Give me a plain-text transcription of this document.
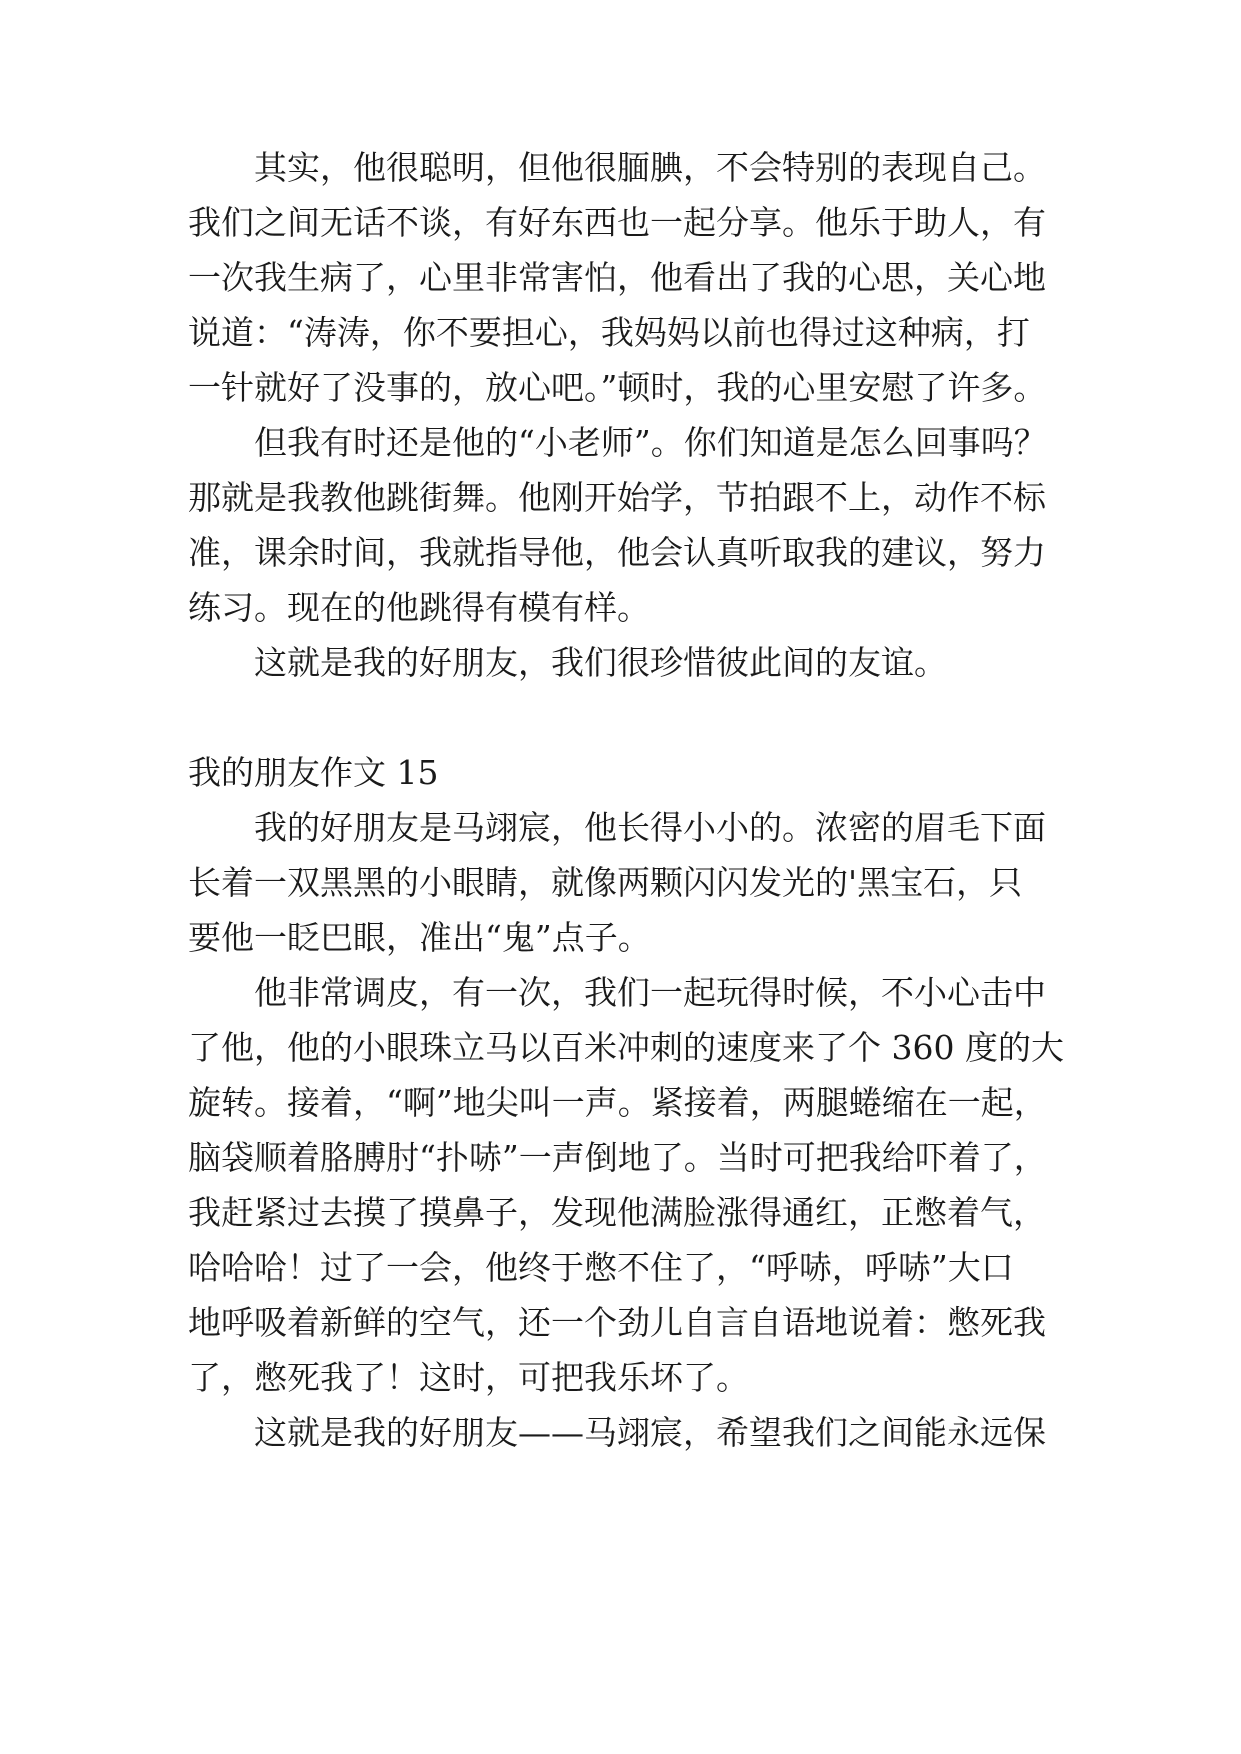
　　其实，他很聪明，但他很腼腆，不会特别的表现自己。
我们之间无话不谈，有好东西也一起分享。他乐于助人，有
一次我生病了，心里非常害怕，他看出了我的心思，关心地
说道：“涛涛，你不要担心，我妈妈以前也得过这种病，打
一针就好了没事的，放心吧。”顿时，我的心里安慰了许多。
　　但我有时还是他的“小老师”。你们知道是怎么回事吗？
那就是我教他跳街舞。他刚开始学，节拍跟不上，动作不标
准，课余时间，我就指导他，他会认真听取我的建议，努力
练习。现在的他跳得有模有样。
　　这就是我的好朋友，我们很珍惜彼此间的友谊。
我的朋友作文 15
　　我的好朋友是马翊宸，他长得小小的。浓密的眉毛下面
长着一双黑黑的小眼睛，就像两颗闪闪发光的'黑宝石，只
要他一眨巴眼，准出“鬼”点子。
　　他非常调皮，有一次，我们一起玩得时候，不小心击中
了他，他的小眼珠立马以百米冲刺的速度来了个 360 度的大
旋转。接着，“啊”地尖叫一声。紧接着，两腿蜷缩在一起，
脑袋顺着胳膊肘“扑哧”一声倒地了。当时可把我给吓着了，
我赶紧过去摸了摸鼻子，发现他满脸涨得通红，正憋着气，
哈哈哈！过了一会，他终于憋不住了，“呼哧，呼哧”大口
地呼吸着新鲜的空气，还一个劲儿自言自语地说着：憋死我
了，憋死我了！这时，可把我乐坏了。
　　这就是我的好朋友——马翊宸，希望我们之间能永远保
